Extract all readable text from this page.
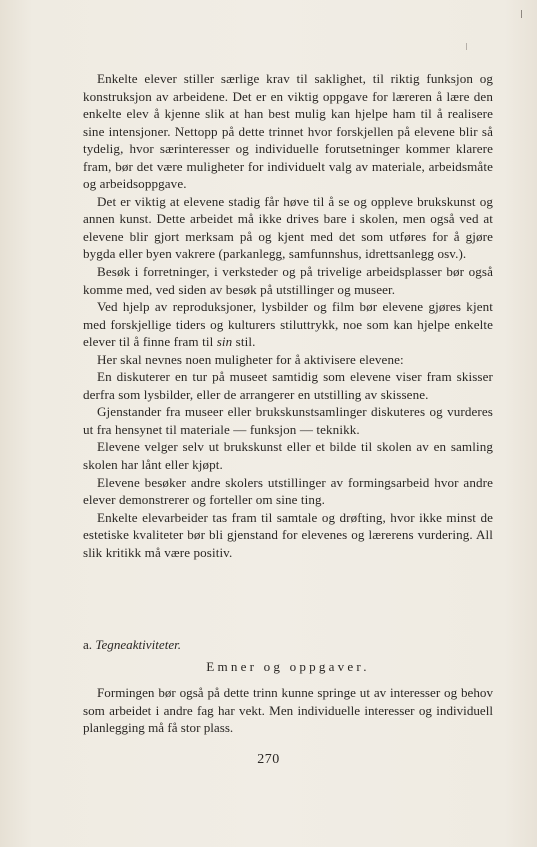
Enkelte elever stiller særlige krav til saklighet, til riktig funksjon og konstruksjon av arbeidene. Det er en viktig oppgave for læreren å lære den enkelte elev å kjenne slik at han best mulig kan hjelpe ham til å realisere sine intensjoner. Nettopp på dette trinnet hvor forskjellen på elevene blir så tydelig, hvor særinteresser og individuelle forutsetninger kommer klarere fram, bør det være muligheter for individuelt valg av materiale, arbeidsmåte og arbeidsoppgave.

Det er viktig at elevene stadig får høve til å se og oppleve brukskunst og annen kunst. Dette arbeidet må ikke drives bare i skolen, men også ved at elevene blir gjort merksam på og kjent med det som utføres for å gjøre bygda eller byen vakrere (parkanlegg, samfunnshus, idrettsanlegg osv.).

Besøk i forretninger, i verksteder og på trivelige arbeidsplasser bør også komme med, ved siden av besøk på utstillinger og museer.

Ved hjelp av reproduksjoner, lysbilder og film bør elevene gjøres kjent med forskjellige tiders og kulturers stiluttrykk, noe som kan hjelpe enkelte elever til å finne fram til sin stil.

Her skal nevnes noen muligheter for å aktivisere elevene:

En diskuterer en tur på museet samtidig som elevene viser fram skisser derfra som lysbilder, eller de arrangerer en utstilling av skissene.

Gjenstander fra museer eller brukskunstsamlinger diskuteres og vurderes ut fra hensynet til materiale — funksjon — teknikk.

Elevene velger selv ut brukskunst eller et bilde til skolen av en samling skolen har lånt eller kjøpt.

Elevene besøker andre skolers utstillinger av formingsarbeid hvor andre elever demonstrerer og forteller om sine ting.

Enkelte elevarbeider tas fram til samtale og drøfting, hvor ikke minst de estetiske kvaliteter bør bli gjenstand for elevenes og lærerens vurdering. All slik kritikk må være positiv.

a. Tegneaktiviteter.
Emner og oppgaver.

Formingen bør også på dette trinn kunne springe ut av interesser og behov som arbeidet i andre fag har vekt. Men individuelle interesser og individuell planlegging må få stor plass.

270
